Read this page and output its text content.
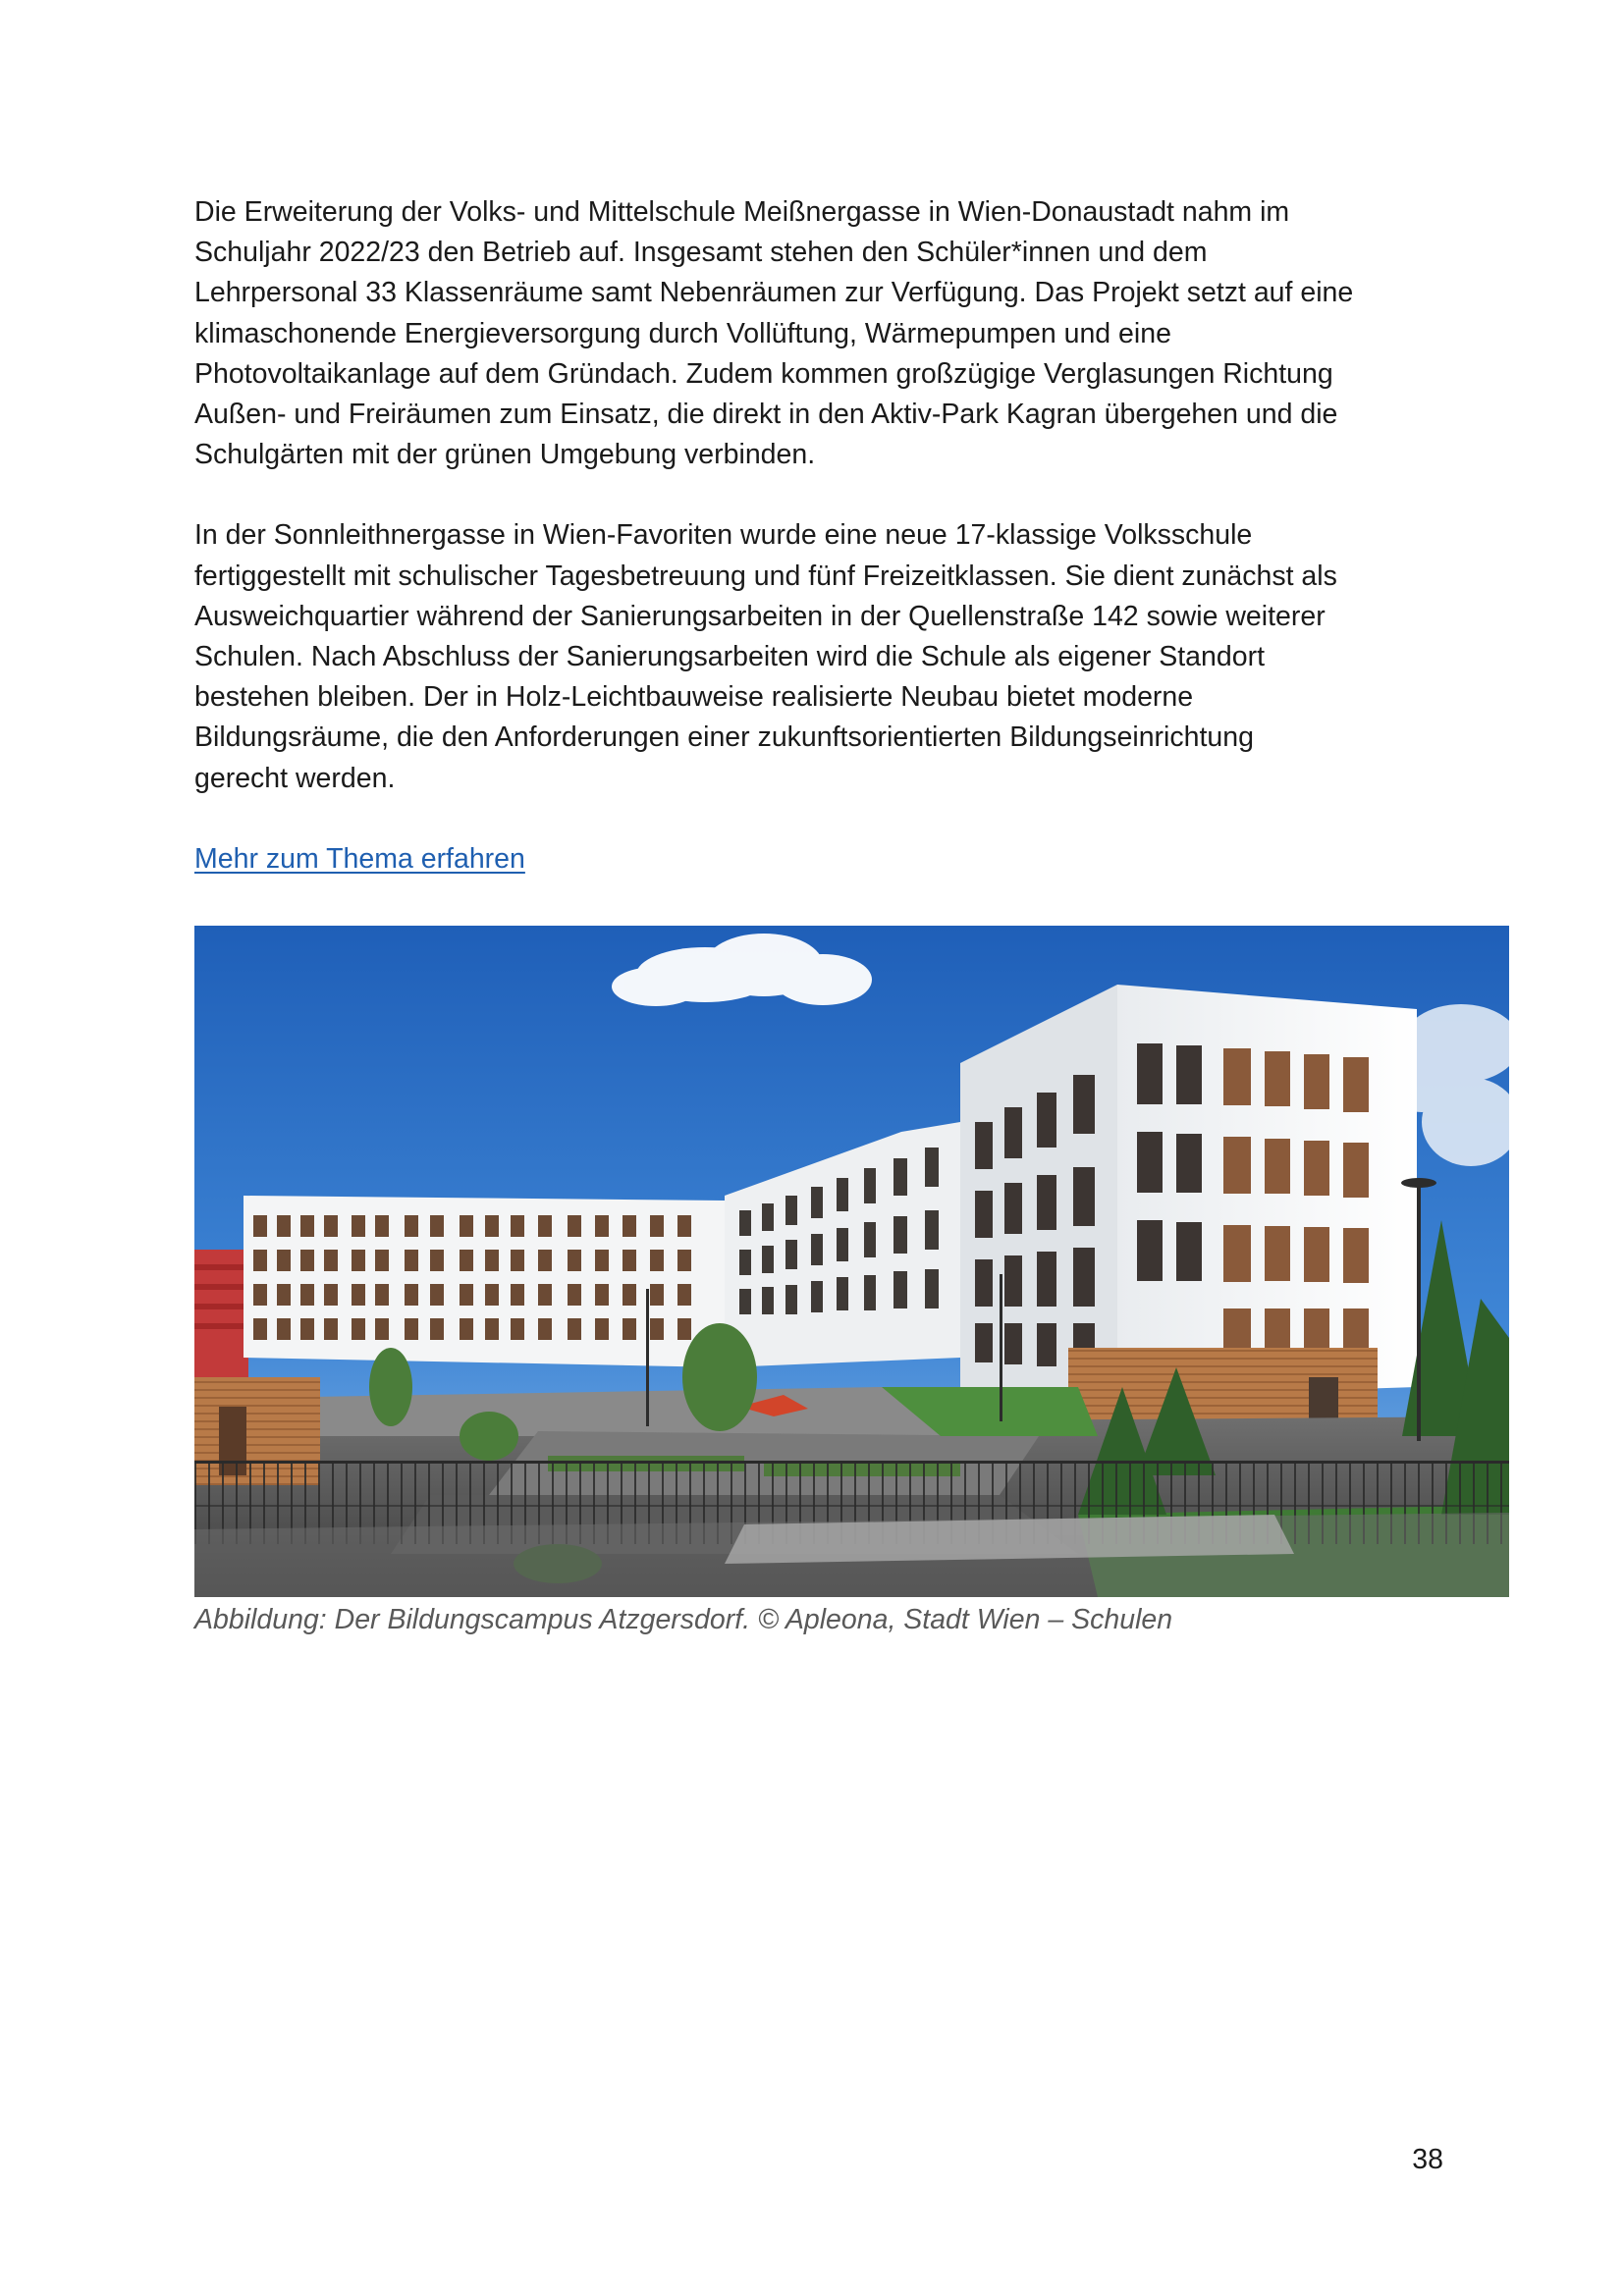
Die Erweiterung der Volks- und Mittelschule Meißnergasse in Wien-Donaustadt nahm im
Schuljahr 2022/23 den Betrieb auf. Insgesamt stehen den Schüler*innen und dem
Lehrpersonal 33 Klassenräume samt Nebenräumen zur Verfügung. Das Projekt setzt auf eine
klimaschonende Energieversorgung durch Vollüftung, Wärmepumpen und eine
Photovoltaikanlage auf dem Gründach. Zudem kommen großzügige Verglasungen Richtung
Außen- und Freiräumen zum Einsatz, die direkt in den Aktiv-Park Kagran übergehen und die
Schulgärten mit der grünen Umgebung verbinden.

In der Sonnleithnergasse in Wien-Favoriten wurde eine neue 17-klassige Volksschule
fertiggestellt mit schulischer Tagesbetreuung und fünf Freizeitklassen. Sie dient zunächst als
Ausweichquartier während der Sanierungsarbeiten in der Quellenstraße 142 sowie weiterer
Schulen. Nach Abschluss der Sanierungsarbeiten wird die Schule als eigener Standort
bestehen bleiben. Der in Holz-Leichtbauweise realisierte Neubau bietet moderne
Bildungsräume, die den Anforderungen einer zukunftsorientierten Bildungseinrichtung
gerecht werden.

Mehr zum Thema erfahren

Abbildung: Der Bildungscampus Atzgersdorf. © Apleona, Stadt Wien – Schulen

38
